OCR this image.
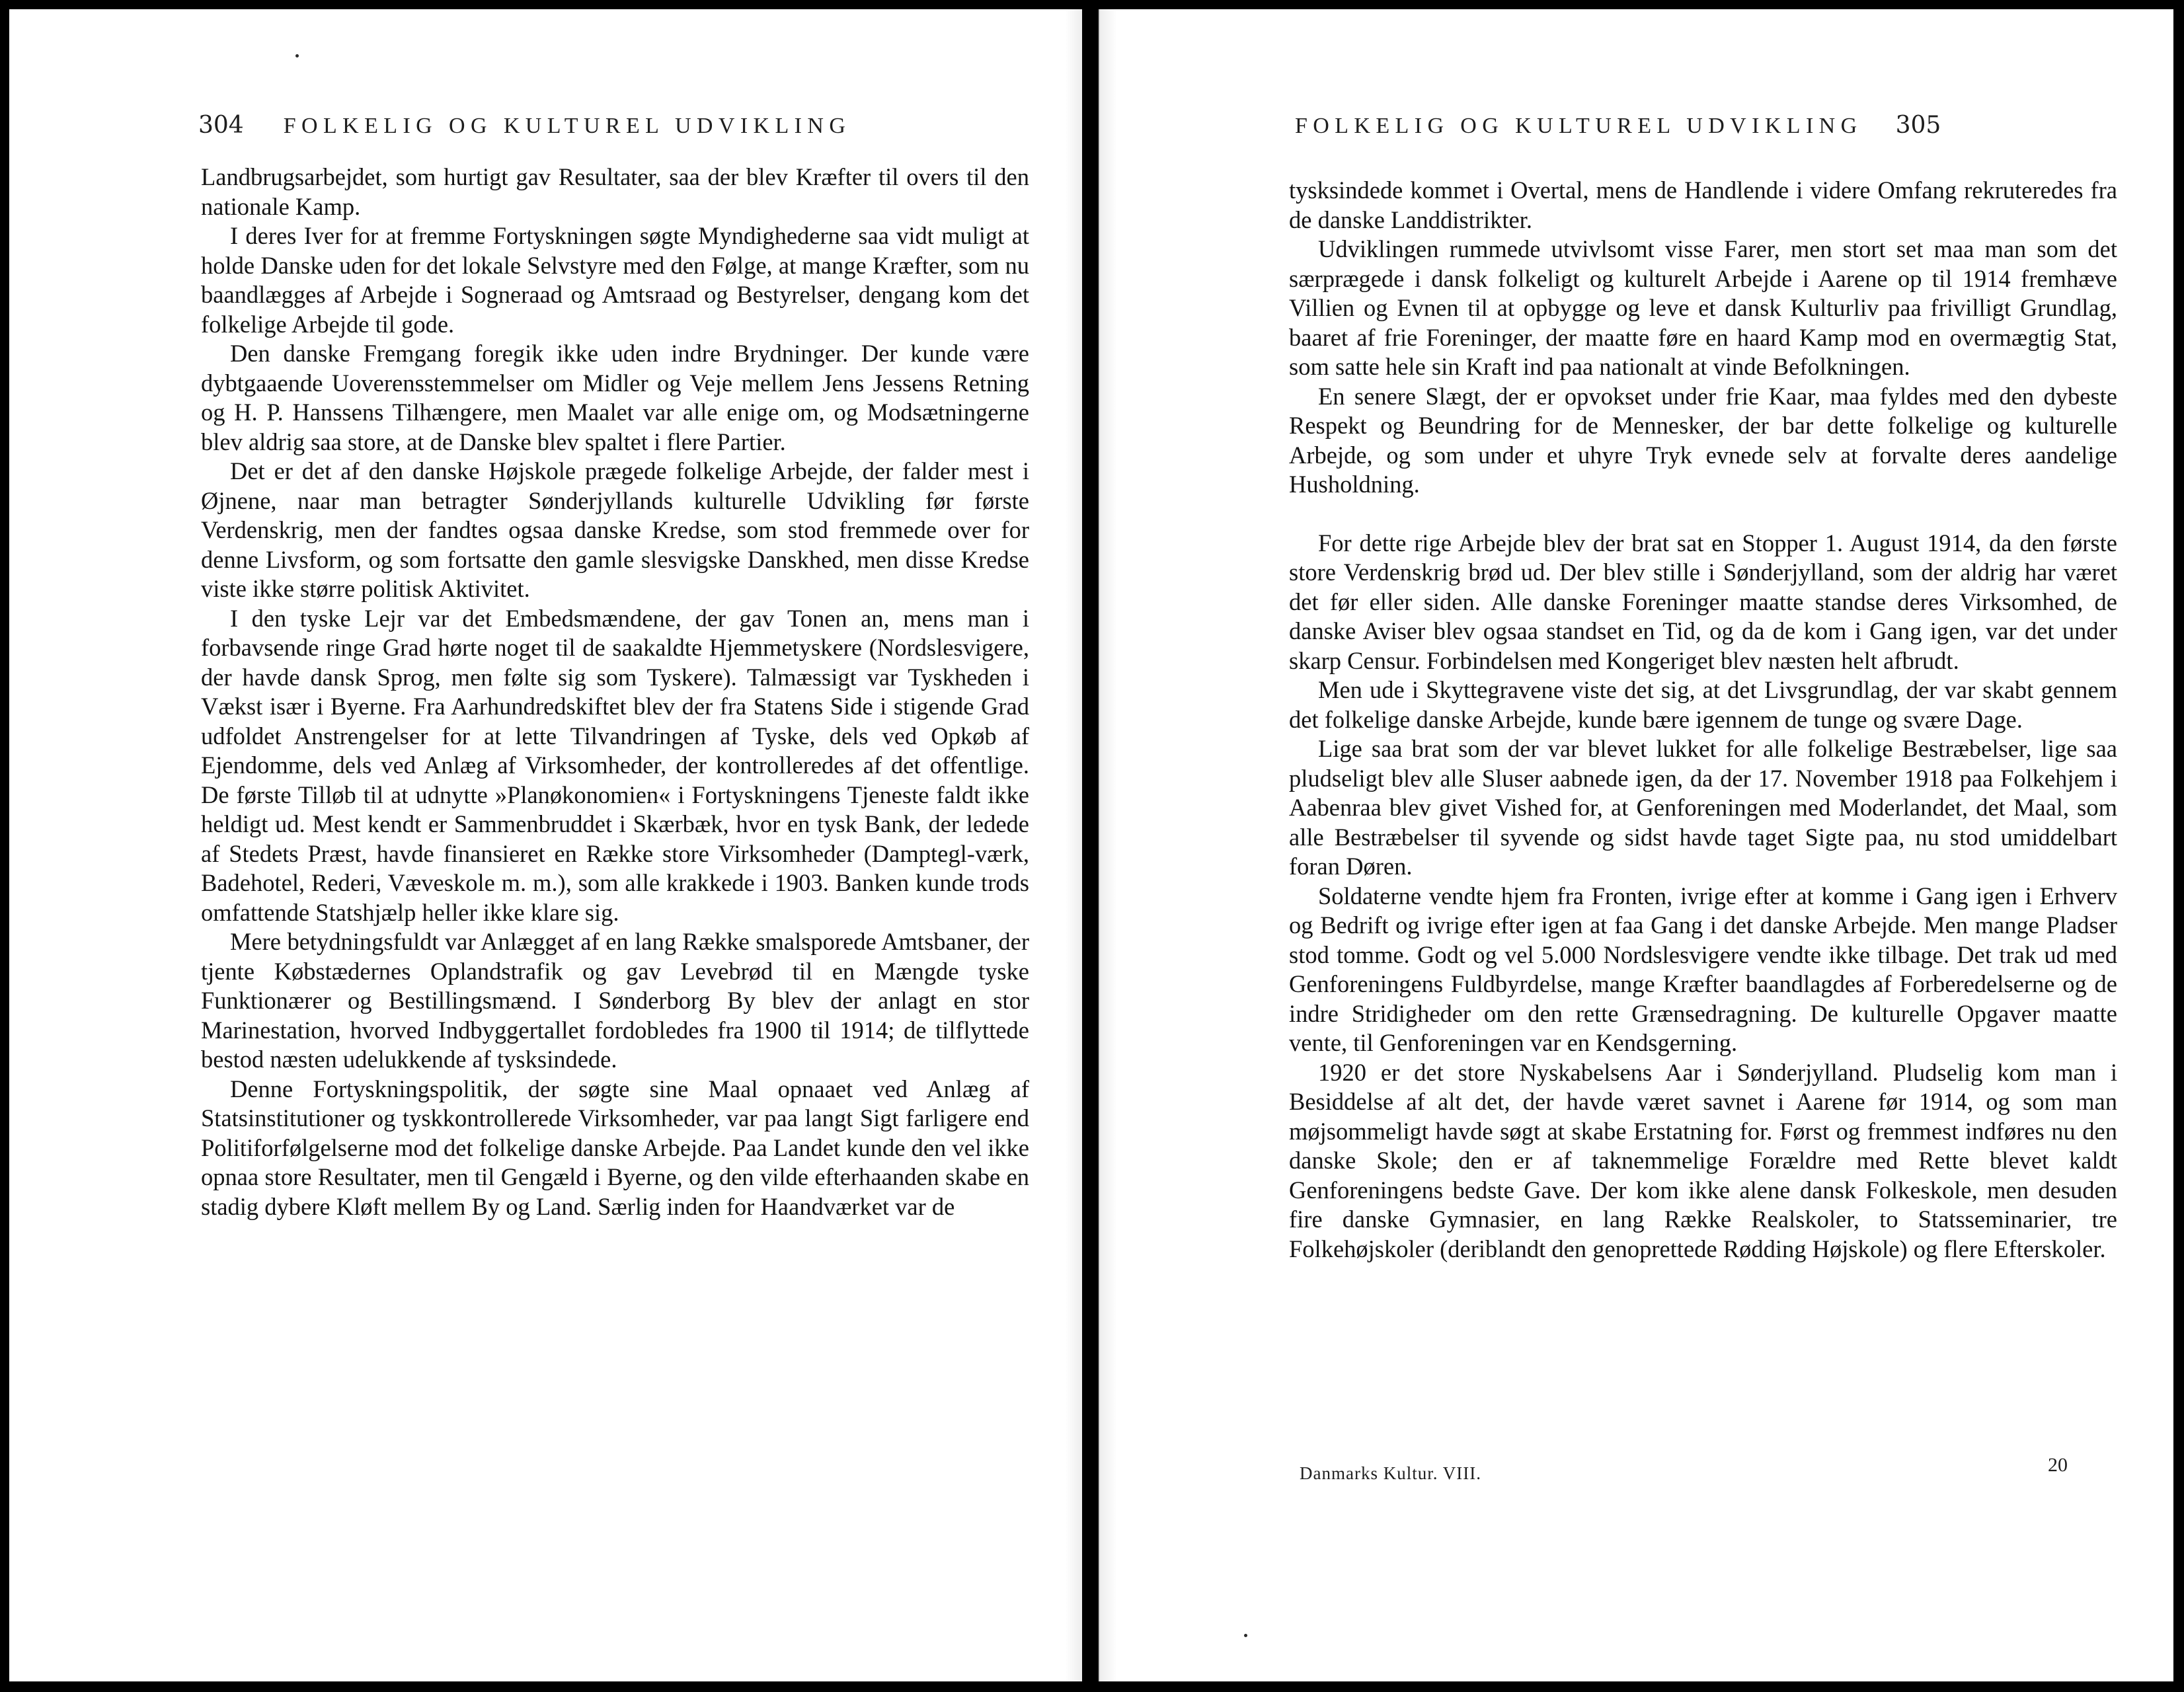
304 FOLKELIG OG KULTUREL UDVIKLING

Landbrugsarbejdet, som hurtigt gav Resultater, saa der blev Kræfter til overs til den nationale Kamp.

I deres Iver for at fremme Fortyskningen søgte Myndighederne saa vidt muligt at holde Danske uden for det lokale Selvstyre med den Følge, at mange Kræfter, som nu baandlægges af Arbejde i Sogneraad og Amtsraad og Bestyrelser, dengang kom det folkelige Arbejde til gode.

Den danske Fremgang foregik ikke uden indre Brydninger. Der kunde være dybtgaaende Uoverensstemmelser om Midler og Veje mellem Jens Jessens Retning og H. P. Hanssens Tilhængere, men Maalet var alle enige om, og Modsætningerne blev aldrig saa store, at de Danske blev spaltet i flere Partier.

Det er det af den danske Højskole prægede folkelige Arbejde, der falder mest i Øjnene, naar man betragter Sønderjyllands kulturelle Udvikling før første Verdenskrig, men der fandtes ogsaa danske Kredse, som stod fremmede over for denne Livsform, og som fortsatte den gamle slesvigske Danskhed, men disse Kredse viste ikke større politisk Aktivitet.

I den tyske Lejr var det Embedsmændene, der gav Tonen an, mens man i forbavsende ringe Grad hørte noget til de saakaldte Hjemmetyskere (Nordslesvigere, der havde dansk Sprog, men følte sig som Tyskere). Talmæssigt var Tyskheden i Vækst især i Byerne. Fra Aarhundredskiftet blev der fra Statens Side i stigende Grad udfoldet Anstrengelser for at lette Tilvandringen af Tyske, dels ved Opkøb af Ejendomme, dels ved Anlæg af Virksomheder, der kontrolleredes af det offentlige. De første Tilløb til at udnytte »Planøkonomien« i Fortyskningens Tjeneste faldt ikke heldigt ud. Mest kendt er Sammenbruddet i Skærbæk, hvor en tysk Bank, der ledede af Stedets Præst, havde finansieret en Række store Virksomheder (Damptegl-værk, Badehotel, Rederi, Væveskole m. m.), som alle krakkede i 1903. Banken kunde trods omfattende Statshjælp heller ikke klare sig.

Mere betydningsfuldt var Anlægget af en lang Række smalsporede Amtsbaner, der tjente Købstædernes Oplandstrafik og gav Levebrød til en Mængde tyske Funktionærer og Bestillingsmænd. I Sønderborg By blev der anlagt en stor Marinestation, hvorved Indbyggertallet fordobledes fra 1900 til 1914; de tilflyttede bestod næsten udelukkende af tysksindede.

Denne Fortyskningspolitik, der søgte sine Maal opnaaet ved Anlæg af Statsinstitutioner og tyskkontrollerede Virksomheder, var paa langt Sigt farligere end Politiforfølgelserne mod det folkelige danske Arbejde. Paa Landet kunde den vel ikke opnaa store Resultater, men til Gengæld i Byerne, og den vilde efterhaanden skabe en stadig dybere Kløft mellem By og Land. Særlig inden for Haandværket var de

FOLKELIG OG KULTUREL UDVIKLING 305

tysksindede kommet i Overtal, mens de Handlende i videre Omfang rekruteredes fra de danske Landdistrikter.

Udviklingen rummede utvivlsomt visse Farer, men stort set maa man som det særprægede i dansk folkeligt og kulturelt Arbejde i Aarene op til 1914 fremhæve Villien og Evnen til at opbygge og leve et dansk Kulturliv paa frivilligt Grundlag, baaret af frie Foreninger, der maatte føre en haard Kamp mod en overmægtig Stat, som satte hele sin Kraft ind paa nationalt at vinde Befolkningen.

En senere Slægt, der er opvokset under frie Kaar, maa fyldes med den dybeste Respekt og Beundring for de Mennesker, der bar dette folkelige og kulturelle Arbejde, og som under et uhyre Tryk evnede selv at forvalte deres aandelige Husholdning.

For dette rige Arbejde blev der brat sat en Stopper 1. August 1914, da den første store Verdenskrig brød ud. Der blev stille i Sønderjylland, som der aldrig har været det før eller siden. Alle danske Foreninger maatte standse deres Virksomhed, de danske Aviser blev ogsaa standset en Tid, og da de kom i Gang igen, var det under skarp Censur. Forbindelsen med Kongeriget blev næsten helt afbrudt.

Men ude i Skyttegravene viste det sig, at det Livsgrundlag, der var skabt gennem det folkelige danske Arbejde, kunde bære igennem de tunge og svære Dage.

Lige saa brat som der var blevet lukket for alle folkelige Bestræbelser, lige saa pludseligt blev alle Sluser aabnede igen, da der 17. November 1918 paa Folkehjem i Aabenraa blev givet Vished for, at Genforeningen med Moderlandet, det Maal, som alle Bestræbelser til syvende og sidst havde taget Sigte paa, nu stod umiddelbart foran Døren.

Soldaterne vendte hjem fra Fronten, ivrige efter at komme i Gang igen i Erhverv og Bedrift og ivrige efter igen at faa Gang i det danske Arbejde. Men mange Pladser stod tomme. Godt og vel 5.000 Nordslesvigere vendte ikke tilbage. Det trak ud med Genforeningens Fuldbyrdelse, mange Kræfter baandlagdes af Forberedelserne og de indre Stridigheder om den rette Grænsedragning. De kulturelle Opgaver maatte vente, til Genforeningen var en Kendsgerning.

1920 er det store Nyskabelsens Aar i Sønderjylland. Pludselig kom man i Besiddelse af alt det, der havde været savnet i Aarene før 1914, og som man møjsommeligt havde søgt at skabe Erstatning for. Først og fremmest indføres nu den danske Skole; den er af taknemmelige Forældre med Rette blevet kaldt Genforeningens bedste Gave. Der kom ikke alene dansk Folkeskole, men desuden fire danske Gymnasier, en lang Række Realskoler, to Statsseminarier, tre Folkehøjskoler (deriblandt den genoprettede Rødding Højskole) og flere Efterskoler.

Danmarks Kultur. VIII.	20
